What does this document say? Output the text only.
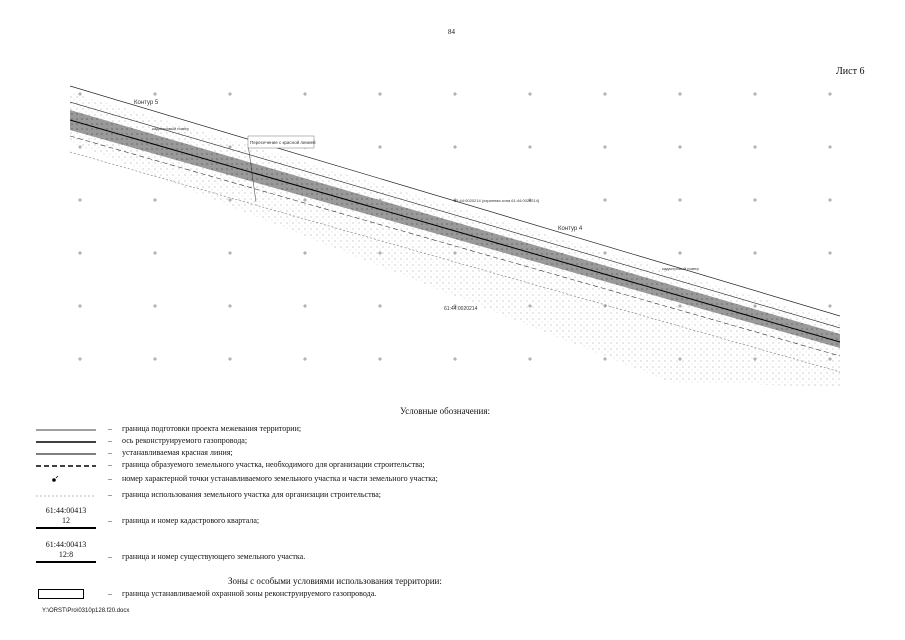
84
Лист 6
Пересечение с красной линией
Контур 5
Контур 4
61:44:0020214
61:44:0020214 (охранная зона 61:44:0020214)
кадастровый номер
кадастровый номер
Условные обозначения:
– граница подготовки проекта межевания территории;
– ось реконструируемого газопровода;
– устанавливаемая красная линия;
– граница образуемого земельного участка, необходимого для организации строительства;
– номер характерной точки устанавливаемого земельного участка и части земельного участка;
– граница использования земельного участка для организации строительства;
61:44:00413
12	– граница и номер кадастрового квартала;
61:44:00413
12:8	– граница и номер существующего земельного участка.
Зоны с особыми условиями использования территории:
– граница устанавливаемой охранной зоны реконструируемого газопровода.
Y:\ORST\Pro\0310p128.f20.docx
